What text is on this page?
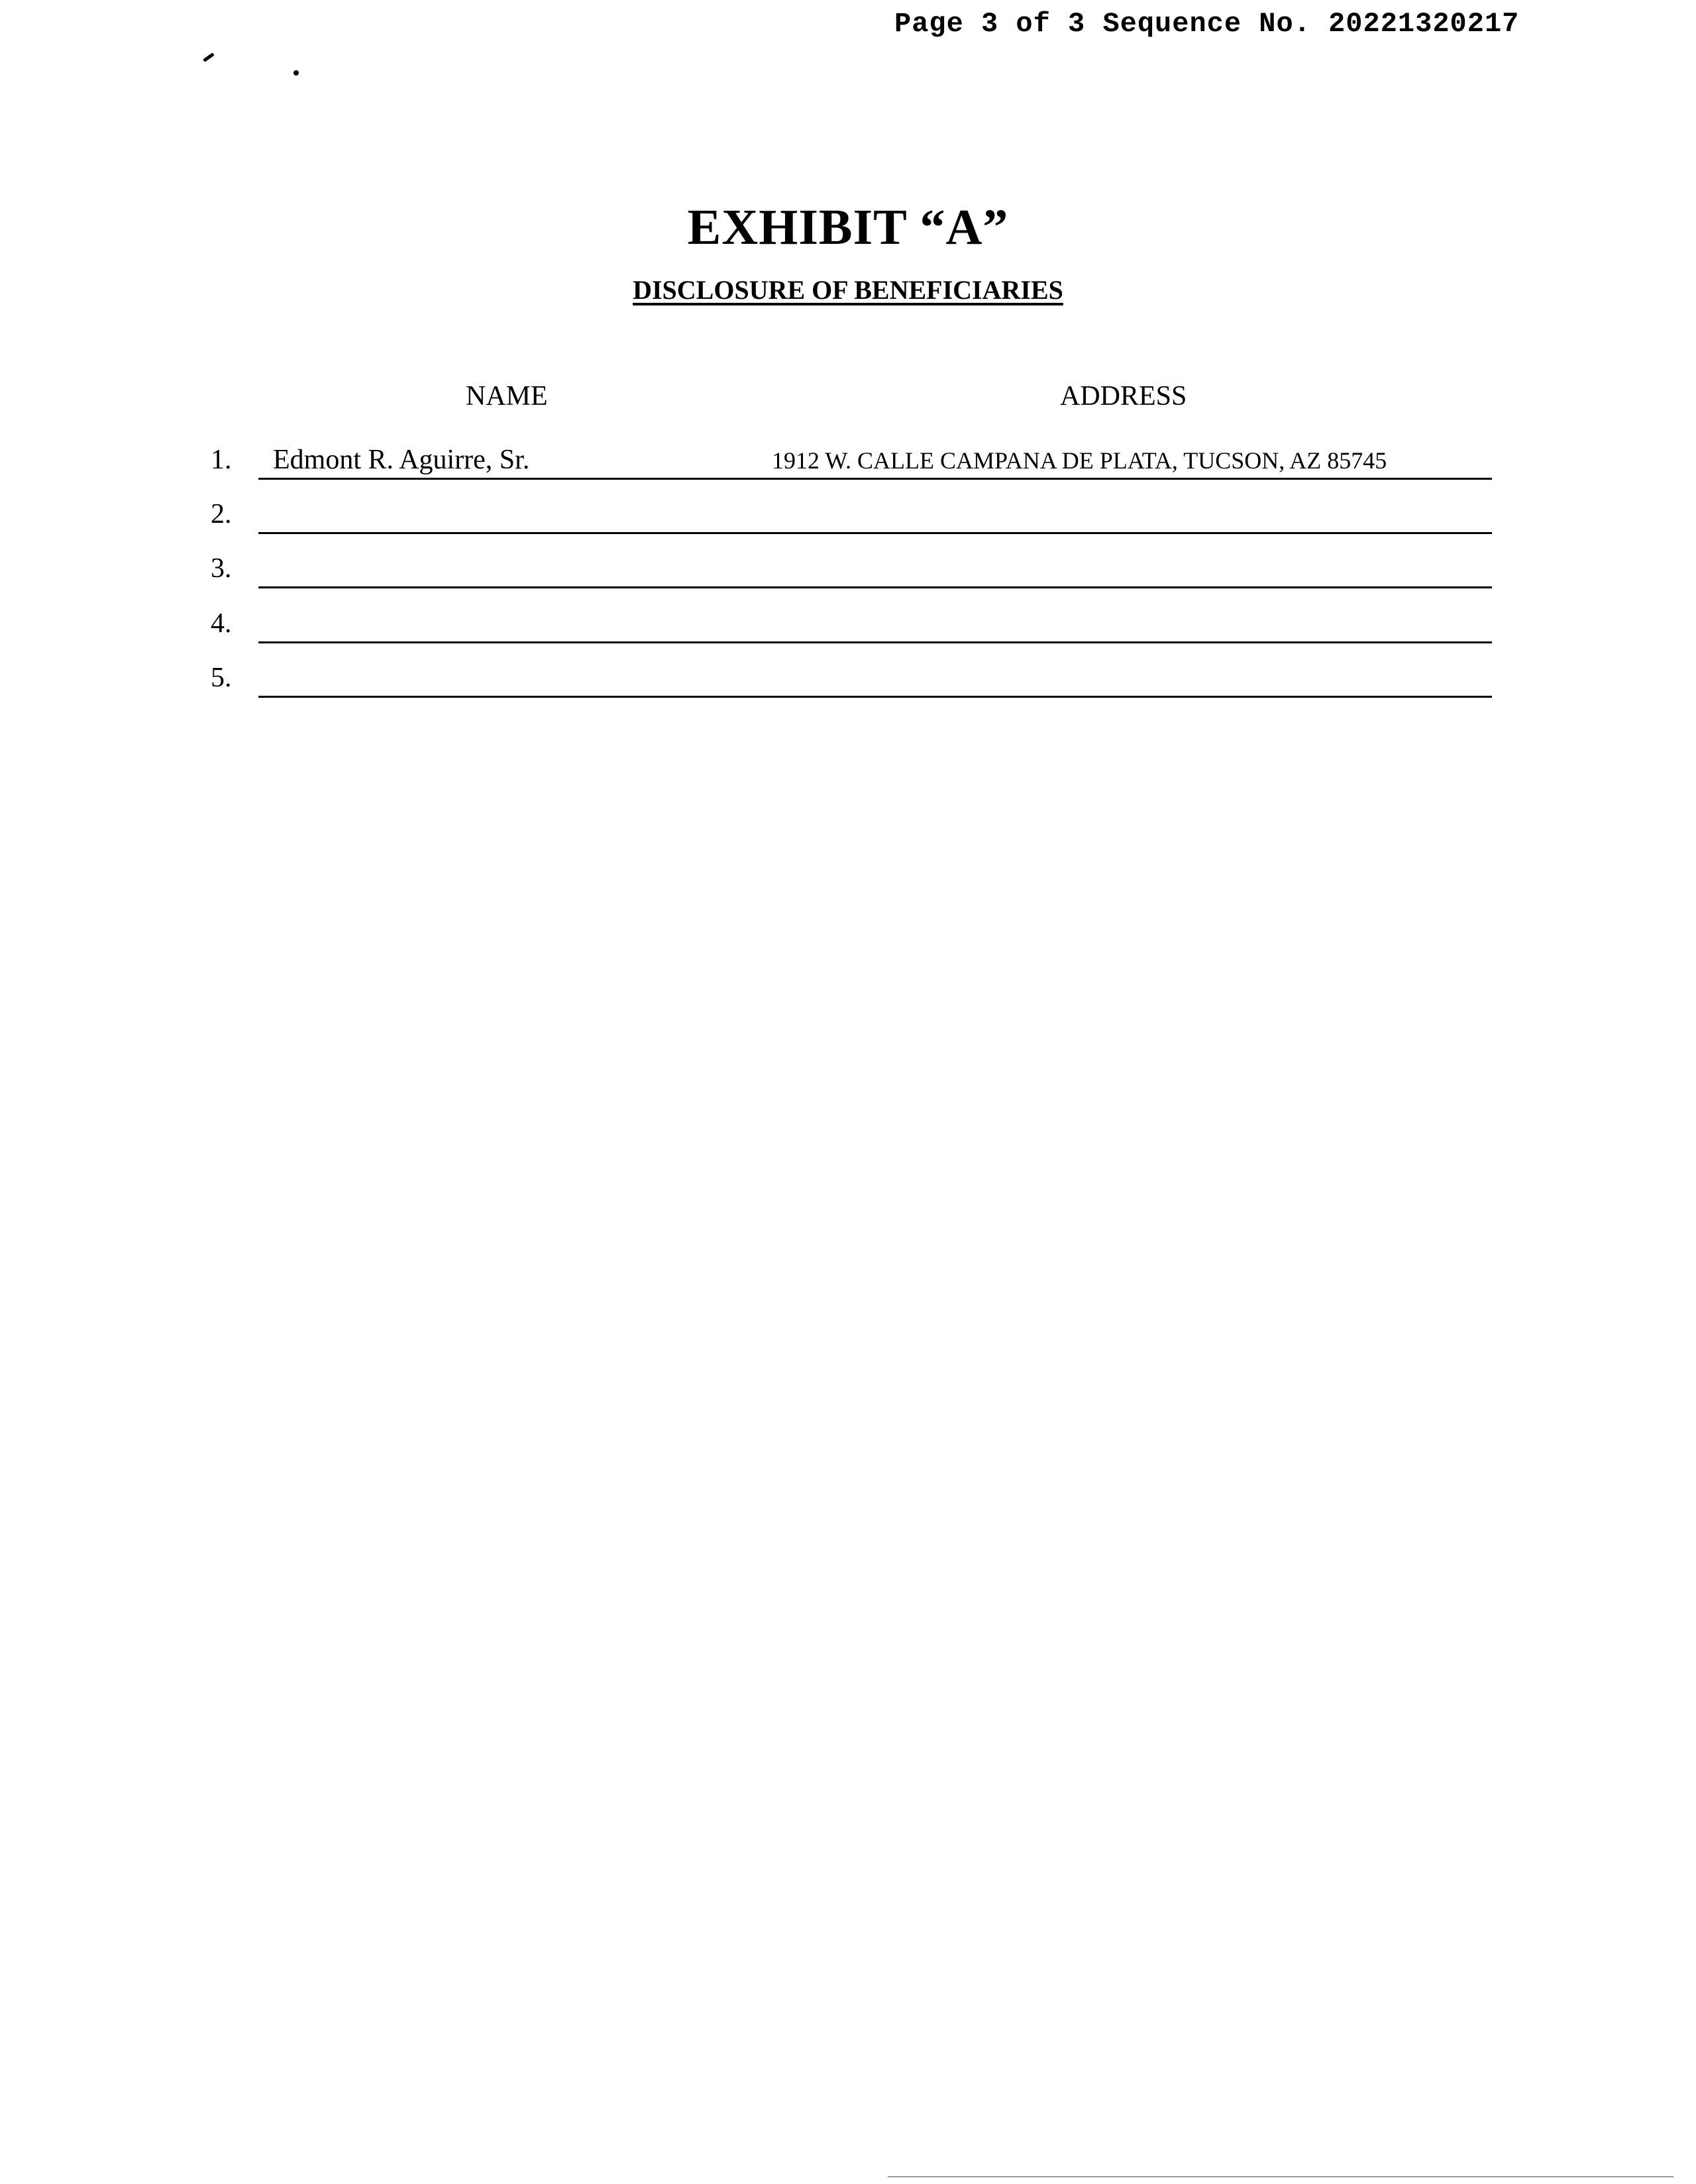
Page 3 of 3 Sequence No. 20221320217
EXHIBIT “A”
DISCLOSURE OF BENEFICIARIES
NAME	ADDRESS
1. Edmont R. Aguirre, Sr.	1912 W. CALLE CAMPANA DE PLATA, TUCSON, AZ 85745
2.
3.
4.
5.
